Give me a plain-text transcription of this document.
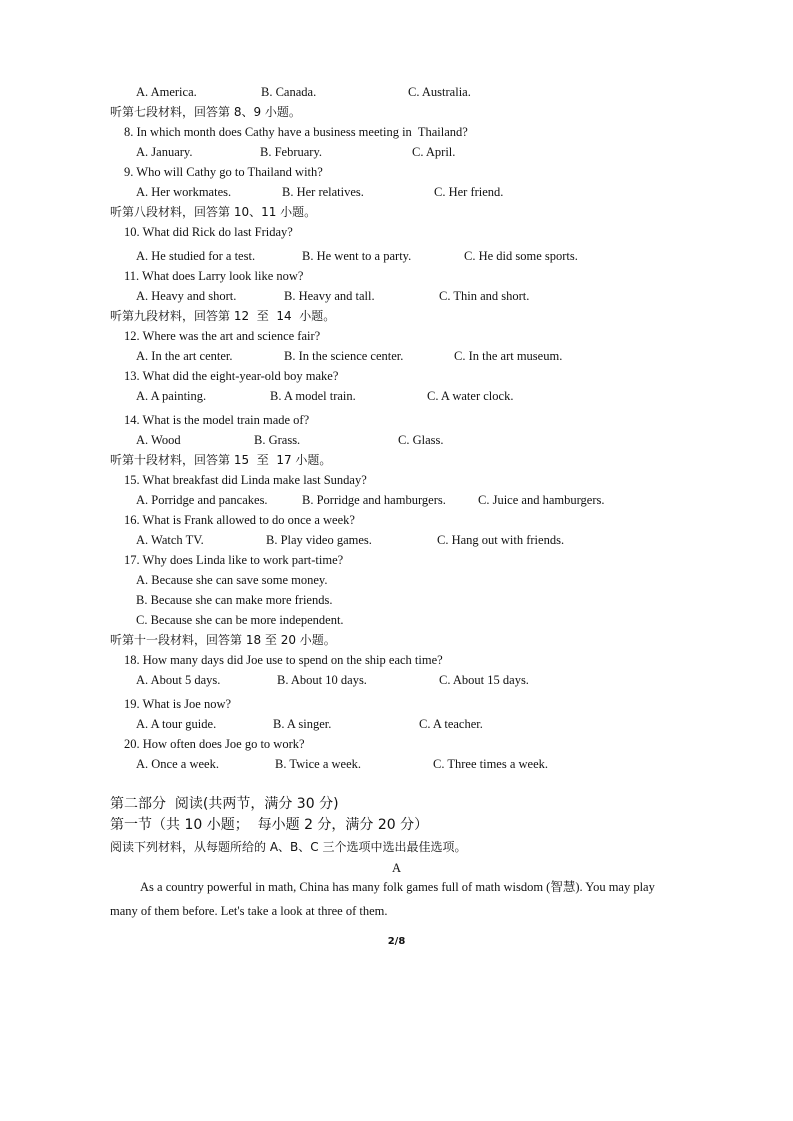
A. America.	B. Canada.	C. Australia.
听第七段材料，回答第 8、9 小题。
8. In which month does Cathy have a business meeting in  Thailand?
A. January.	B. February.	C. April.
9. Who will Cathy go to Thailand with?
A. Her workmates.	B. Her relatives.	C. Her friend.
听第八段材料，回答第 10、11 小题。
10. What did Rick do last Friday?
A. He studied for a test.	B. He went to a party.	C. He did some sports.
11. What does Larry look like now?
A. Heavy and short.	B. Heavy and tall.	C. Thin and short.
听第九段材料，回答第 12  至  14  小题。
12. Where was the art and science fair?
A. In the art center.	B. In the science center.	C. In the art museum.
13. What did the eight-year-old boy make?
A. A painting.	B. A model train.	C. A water clock.
14. What is the model train made of?
A. Wood	B. Grass.	C. Glass.
听第十段材料，回答第 15  至  17 小题。
15. What breakfast did Linda make last Sunday?
A. Porridge and pancakes.	B. Porridge and hamburgers.	C. Juice and hamburgers.
16. What is Frank allowed to do once a week?
A. Watch TV.	B. Play video games.	C. Hang out with friends.
17. Why does Linda like to work part-time?
A. Because she can save some money.
B. Because she can make more friends.
C. Because she can be more independent.
听第十一段材料，回答第 18 至 20 小题。
18. How many days did Joe use to spend on the ship each time?
A. About 5 days.	B. About 10 days.	C. About 15 days.
19. What is Joe now?
A. A tour guide.	B. A singer.	C. A teacher.
20. How often does Joe go to work?
A. Once a week.	B. Twice a week.	C. Three times a week.
第二部分  阅读(共两节，满分 30 分)
第一节（共 10 小题；  每小题 2 分，满分 20 分）
阅读下列材料，从每题所给的 A、B、C 三个选项中选出最佳选项。
A
As a country powerful in math, China has many folk games full of math wisdom (智慧). You may play many of them before. Let's take a look at three of them.
2/8
